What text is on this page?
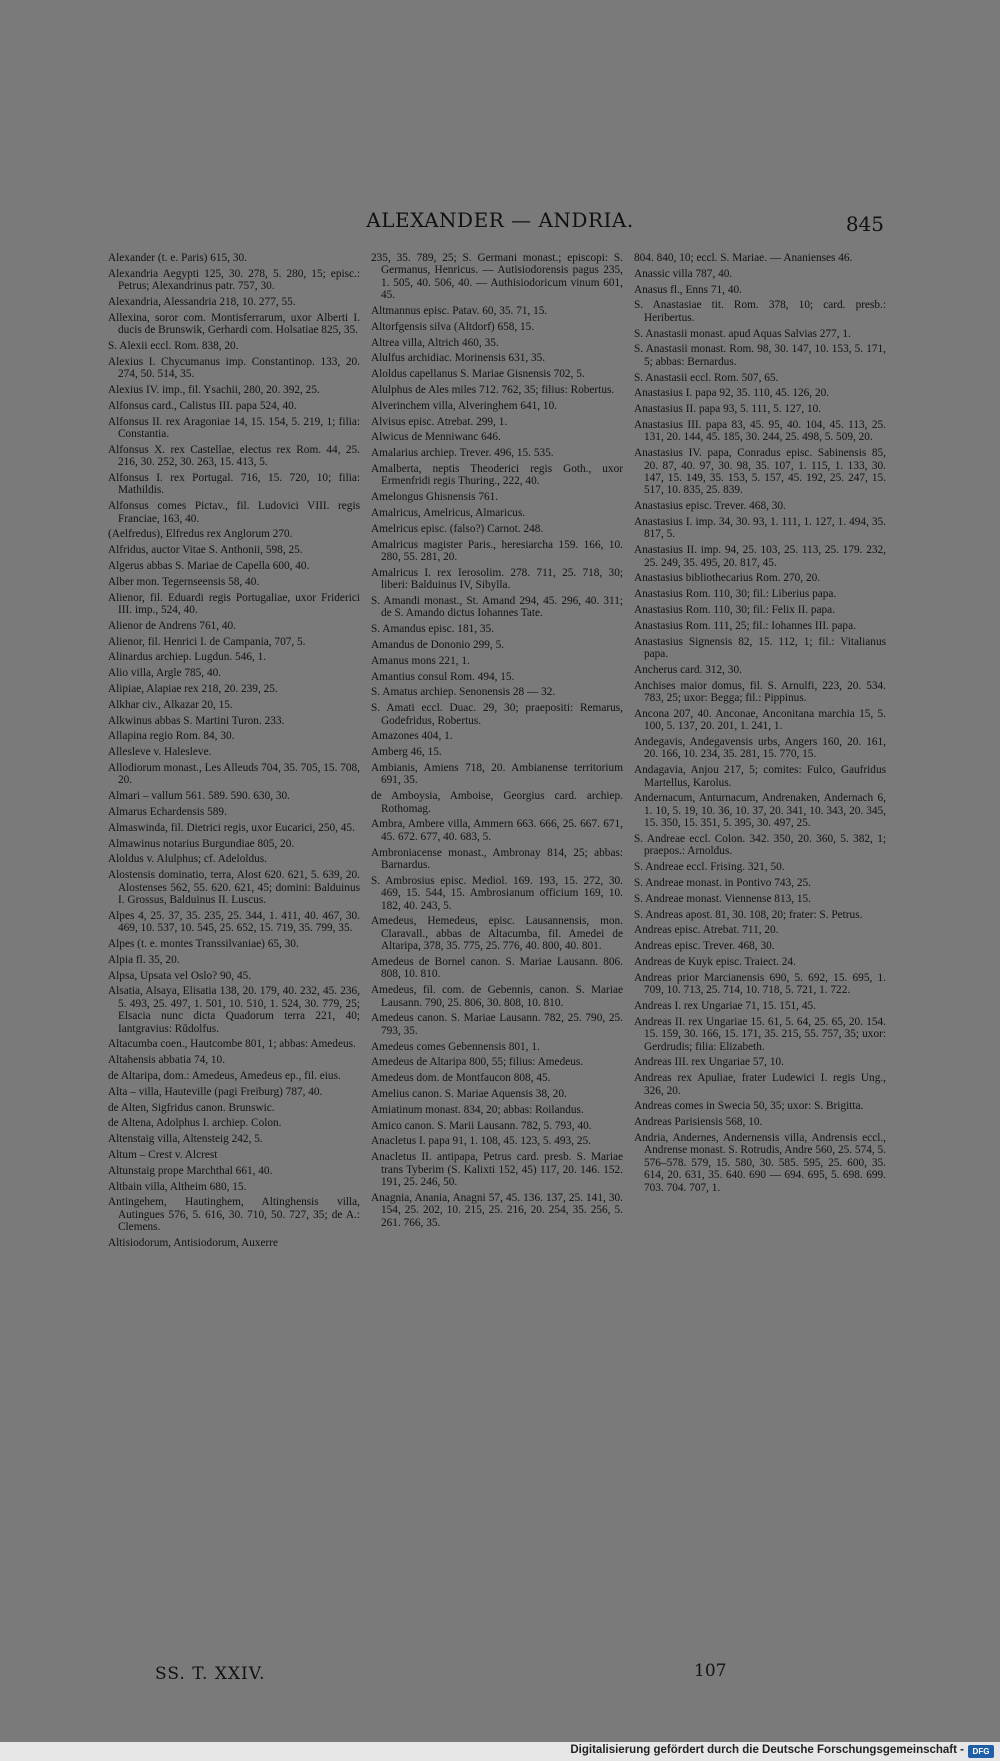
ALEXANDER — ANDRIA.	845
Alexander (t. e. Paris) 615, 30.
Alexandria Aegypti 125, 30. 278, 5. 280, 15; episc.: Petrus; Alexandrinus patr. 757, 30.
Alexandria, Alessandria 218, 10. 277, 55.
Allexina, soror com. Montisferrarum, uxor Alberti I. ducis de Brunswik, Gerhardi com. Holsatiae 825, 35.
S. Alexii eccl. Rom. 838, 20.
Alexius I. Chycumanus imp. Constantinop. 133, 20. 274, 50. 514, 35.
Alexius IV. imp., fil. Ysachii, 280, 20. 392, 25.
Alfonsus card., Calistus III. papa 524, 40.
Alfonsus II. rex Aragoniae 14, 15. 154, 5. 219, 1; filia: Constantia.
Alfonsus X. rex Castellae, electus rex Rom. 44, 25. 216, 30. 252, 30. 263, 15. 413, 5.
Alfonsus I. rex Portugal. 716, 15. 720, 10; filia: Mathildis.
Alfonsus comes Pictav., fil. Ludovici VIII. regis Franciae, 163, 40.
(Aelfredus), Elfredus rex Anglorum 270.
Alfridus, auctor Vitae S. Anthonii, 598, 25.
Algerus abbas S. Mariae de Capella 600, 40.
Alber mon. Tegernseensis 58, 40.
Alienor, fil. Eduardi regis Portugaliae, uxor Friderici III. imp., 524, 40.
Alienor de Andrens 761, 40.
Alienor, fil. Henrici I. de Campania, 707, 5.
Alinardus archiep. Lugdun. 546, 1.
Alio villa, Argle 785, 40.
Alipiae, Alapiae rex 218, 20. 239, 25.
Alkhar civ., Alkazar 20, 15.
Alkwinus abbas S. Martini Turon. 233.
Allapina regio Rom. 84, 30.
Allesleve v. Halesleve.
Allodiorum monast., Les Alleuds 704, 35. 705, 15. 708, 20.
Almari – vallum 561. 589. 590. 630, 30.
Almarus Echardensis 589.
Almaswinda, fil. Dietrici regis, uxor Eucarici, 250, 45.
Almawinus notarius Burgundiae 805, 20.
Aloldus v. Alulphus; cf. Adeloldus.
Alostensis dominatio, terra, Alost 620. 621, 5. 639, 20. Alostenses 562, 55. 620. 621, 45; domini: Balduinus I. Grossus, Balduinus II. Luscus.
Alpes 4, 25. 37, 35. 235, 25. 344, 1. 411, 40. 467, 30. 469, 10. 537, 10. 545, 25. 652, 15. 719, 35. 799, 35.
Alpes (t. e. montes Transsilvaniae) 65, 30.
Alpia fl. 35, 20.
Alpsa, Upsata vel Oslo? 90, 45.
Alsatia, Alsaya, Elisatia 138, 20. 179, 40. 232, 45. 236, 5. 493, 25. 497, 1. 501, 10. 510, 1. 524, 30. 779, 25; Elsacia nunc dicta Quadorum terra 221, 40; Iantgravius: Rŭdolfus.
Altacumba coen., Hautcombe 801, 1; abbas: Amedeus.
Altahensis abbatia 74, 10.
de Altaripa, dom.: Amedeus, Amedeus ep., fil. eius.
Alta – villa, Hauteville (pagi Freiburg) 787, 40.
de Alten, Sigfridus canon. Brunswic.
de Altena, Adolphus I. archiep. Colon.
Altenstaig villa, Altensteig 242, 5.
Altum – Crest v. Alcrest
Altunstaig prope Marchthal 661, 40.
Altbain villa, Altheim 680, 15.
Antingehem, Hautinghem, Altinghensis villa, Autingues 576, 5. 616, 30. 710, 50. 727, 35; de A.: Clemens.
Altisiodorum, Antisiodorum, Auxerre
235, 35. 789, 25; S. Germani monast.; episcopi: S. Germanus, Henricus. — Autisiodorensis pagus 235, 1. 505, 40. 506, 40. — Authisiodoricum vinum 601, 45.
Altmannus episc. Patav. 60, 35. 71, 15.
Altorfgensis silva (Altdorf) 658, 15.
Altrea villa, Altrich 460, 35.
Alulfus archidiac. Morinensis 631, 35.
Aloldus capellanus S. Mariae Gisnensis 702, 5.
Alulphus de Ales miles 712. 762, 35; filius: Robertus.
Alverinchem villa, Alveringhem 641, 10.
Alvisus episc. Atrebat. 299, 1.
Alwicus de Menniwanc 646.
Amalarius archiep. Trever. 496, 15. 535.
Amalberta, neptis Theoderici regis Goth., uxor Ermenfridi regis Thuring., 222, 40.
Amelongus Ghisnensis 761.
Amalricus, Amelricus, Almaricus.
Amelricus episc. (falso?) Carnot. 248.
Amalricus magister Paris., heresiarcha 159. 166, 10. 280, 55. 281, 20.
Amalricus I. rex Ierosolim. 278. 711, 25. 718, 30; liberi: Balduinus IV, Sibylla.
S. Amandi monast., St. Amand 294, 45. 296, 40. 311; de S. Amando dictus Iohannes Tate.
S. Amandus episc. 181, 35.
Amandus de Dononio 299, 5.
Amanus mons 221, 1.
Amantius consul Rom. 494, 15.
S. Amatus archiep. Senonensis 28 — 32.
S. Amati eccl. Duac. 29, 30; praepositi: Remarus, Godefridus, Robertus.
Amazones 404, 1.
Amberg 46, 15.
Ambianis, Amiens 718, 20. Ambianense territorium 691, 35.
de Amboysia, Amboise, Georgius card. archiep. Rothomag.
Ambra, Ambere villa, Ammern 663. 666, 25. 667. 671, 45. 672. 677, 40. 683, 5.
Ambroniacense monast., Ambronay 814, 25; abbas: Barnardus.
S. Ambrosius episc. Mediol. 169. 193, 15. 272, 30. 469, 15. 544, 15. Ambrosianum officium 169, 10. 182, 40. 243, 5.
Amedeus, Hemedeus, episc. Lausannensis, mon. Claravall., abbas de Altacumba, fil. Amedei de Altaripa, 378, 35. 775, 25. 776, 40. 800, 40. 801.
Amedeus de Bornel canon. S. Mariae Lausann. 806. 808, 10. 810.
Amedeus, fil. com. de Gebennis, canon. S. Mariae Lausann. 790, 25. 806, 30. 808, 10. 810.
Amedeus canon. S. Mariae Lausann. 782, 25. 790, 25. 793, 35.
Amedeus comes Gebennensis 801, 1.
Amedeus de Altaripa 800, 55; filius: Amedeus.
Amedeus dom. de Montfaucon 808, 45.
Amelius canon. S. Mariae Aquensis 38, 20.
Amiatinum monast. 834, 20; abbas: Roilandus.
Amico canon. S. Marii Lausann. 782, 5. 793, 40.
Anacletus I. papa 91, 1. 108, 45. 123, 5. 493, 25.
Anacletus II. antipapa, Petrus card. presb. S. Mariae trans Tyberim (S. Kalixti 152, 45) 117, 20. 146. 152. 191, 25. 246, 50.
Anagnia, Anania, Anagni 57, 45. 136. 137, 25. 141, 30. 154, 25. 202, 10. 215, 25. 216, 20. 254, 35. 256, 5. 261. 766, 35.
804. 840, 10; eccl. S. Mariae. — Ananienses 46.
Anassic villa 787, 40.
Anasus fl., Enns 71, 40.
S. Anastasiae tit. Rom. 378, 10; card. presb.: Heribertus.
S. Anastasii monast. apud Aquas Salvias 277, 1.
S. Anastasii monast. Rom. 98, 30. 147, 10. 153, 5. 171, 5; abbas: Bernardus.
S. Anastasii eccl. Rom. 507, 65.
Anastasius I. papa 92, 35. 110, 45. 126, 20.
Anastasius II. papa 93, 5. 111, 5. 127, 10.
Anastasius III. papa 83, 45. 95, 40. 104, 45. 113, 25. 131, 20. 144, 45. 185, 30. 244, 25. 498, 5. 509, 20.
Anastasius IV. papa, Conradus episc. Sabinensis 85, 20. 87, 40. 97, 30. 98, 35. 107, 1. 115, 1. 133, 30. 147, 15. 149, 35. 153, 5. 157, 45. 192, 25. 247, 15. 517, 10. 835, 25. 839.
Anastasius episc. Trever. 468, 30.
Anastasius I. imp. 34, 30. 93, 1. 111, 1. 127, 1. 494, 35. 817, 5.
Anastasius II. imp. 94, 25. 103, 25. 113, 25. 179. 232, 25. 249, 35. 495, 20. 817, 45.
Anastasius bibliothecarius Rom. 270, 20.
Anastasius Rom. 110, 30; fil.: Liberius papa.
Anastasius Rom. 110, 30; fil.: Felix II. papa.
Anastasius Rom. 111, 25; fil.: Iohannes III. papa.
Anastasius Signensis 82, 15. 112, 1; fil.: Vitalianus papa.
Ancherus card. 312, 30.
Anchises maior domus, fil. S. Arnulfi, 223, 20. 534. 783, 25; uxor: Begga; fil.: Pippinus.
Ancona 207, 40. Anconae, Anconitana marchia 15, 5. 100, 5. 137, 20. 201, 1. 241, 1.
Andegavis, Andegavensis urbs, Angers 160, 20. 161, 20. 166, 10. 234, 35. 281, 15. 770, 15.
Andagavia, Anjou 217, 5; comites: Fulco, Gaufridus Martellus, Karolus.
Andernacum, Anturnacum, Andrenaken, Andernach 6, 1. 10, 5. 19, 10. 36, 10. 37, 20. 341, 10. 343, 20. 345, 15. 350, 15. 351, 5. 395, 30. 497, 25.
S. Andreae eccl. Colon. 342. 350, 20. 360, 5. 382, 1; praepos.: Arnoldus.
S. Andreae eccl. Frising. 321, 50.
S. Andreae monast. in Pontivo 743, 25.
S. Andreae monast. Viennense 813, 15.
S. Andreas apost. 81, 30. 108, 20; frater: S. Petrus.
Andreas episc. Atrebat. 711, 20.
Andreas episc. Trever. 468, 30.
Andreas de Kuyk episc. Traiect. 24.
Andreas prior Marcianensis 690, 5. 692, 15. 695, 1. 709, 10. 713, 25. 714, 10. 718, 5. 721, 1. 722.
Andreas I. rex Ungariae 71, 15. 151, 45.
Andreas II. rex Ungariae 15. 61, 5. 64, 25. 65, 20. 154. 15. 159, 30. 166, 15. 171, 35. 215, 55. 757, 35; uxor: Gerdrudis; filia: Elizabeth.
Andreas III. rex Ungariae 57, 10.
Andreas rex Apuliae, frater Ludewici I. regis Ung., 326, 20.
Andreas comes in Swecia 50, 35; uxor: S. Brigitta.
Andreas Parisiensis 568, 10.
Andria, Andernes, Andernensis villa, Andrensis eccl., Andrense monast. S. Rotrudis, Andre 560, 25. 574, 5. 576–578. 579, 15. 580, 30. 585. 595, 25. 600, 35. 614, 20. 631, 35. 640. 690 — 694. 695, 5. 698. 699. 703. 704. 707, 1.
SS. T. XXIV.	107
Digitalisierung gefördert durch die Deutsche Forschungsgemeinschaft -	DFG
